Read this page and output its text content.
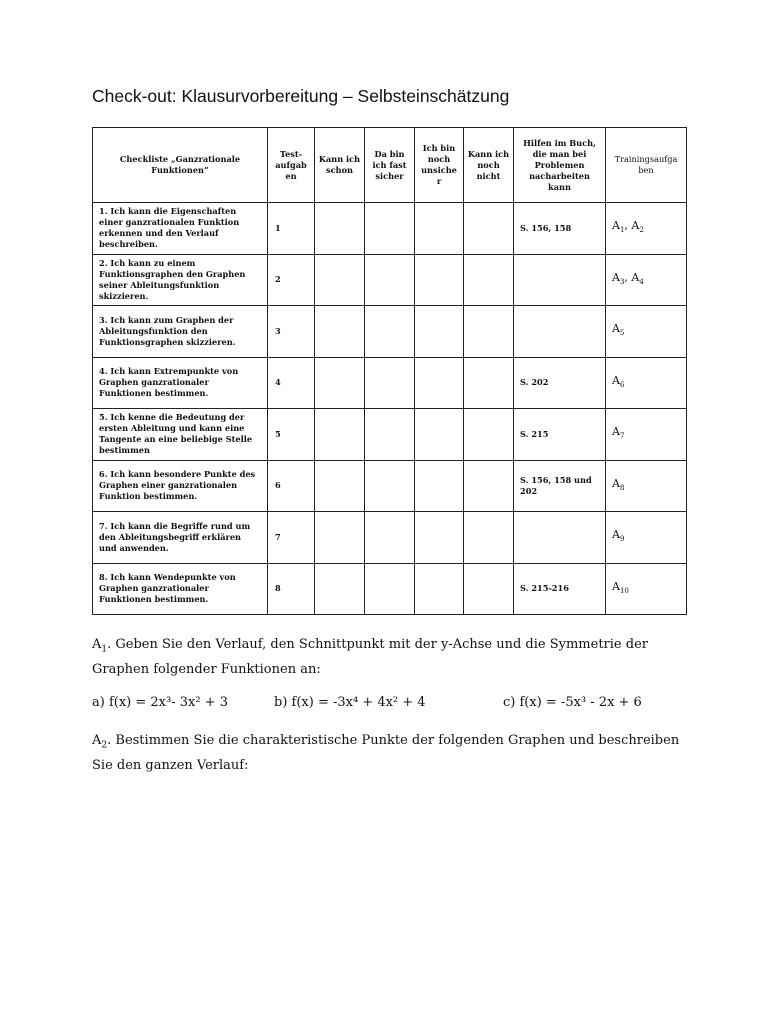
Check-out: Klausurvorbereitung – Selbsteinschätzung
Checkliste „Ganzrationale Funktionen“	Test-aufgab en	Kann ich schon	Da bin ich fast sicher	Ich bin noch unsiche r	Kann ich noch nicht	Hilfen im Buch, die man bei Problemen nacharbeiten kann	Trainingsaufga ben
1. Ich kann die Eigenschaften einer ganzrationalen Funktion erkennen und den Verlauf beschreiben.	1					S. 156, 158	$A_1$, $A_2$
2. Ich kann zu einem Funktionsgraphen den Graphen seiner Ableitungsfunktion skizzieren.	2						$A_3$, $A_4$
3. Ich kann zum Graphen der Ableitungsfunktion den Funktionsgraphen skizzieren.	3						$A_5$
4. Ich kann Extrempunkte von Graphen ganzrationaler Funktionen bestimmen.	4					S. 202	$A_6$
5. Ich kenne die Bedeutung der ersten Ableitung und kann eine Tangente an eine beliebige Stelle bestimmen	5					S. 215	$A_7$
6. Ich kann besondere Punkte des Graphen einer ganzrationalen Funktion bestimmen.	6					S. 156, 158 und 202	$A_8$
7. Ich kann die Begriffe rund um den Ableitungsbegriff erklären und anwenden.	7						$A_9$
8. Ich kann Wendepunkte von Graphen ganzrationaler Funktionen bestimmen.	8					S. 215-216	$A_{10}$

$A_1$. Geben Sie den Verlauf, den Schnittpunkt mit der y-Achse und die Symmetrie der Graphen folgender Funktionen an:

a) f(x) = 2x³- 3x² + 3	b) f(x) = -3x⁴ + 4x² + 4	c) f(x) = -5x³ - 2x + 6

$A_2$. Bestimmen Sie die charakteristische Punkte der folgenden Graphen und beschreiben Sie den ganzen Verlauf:
